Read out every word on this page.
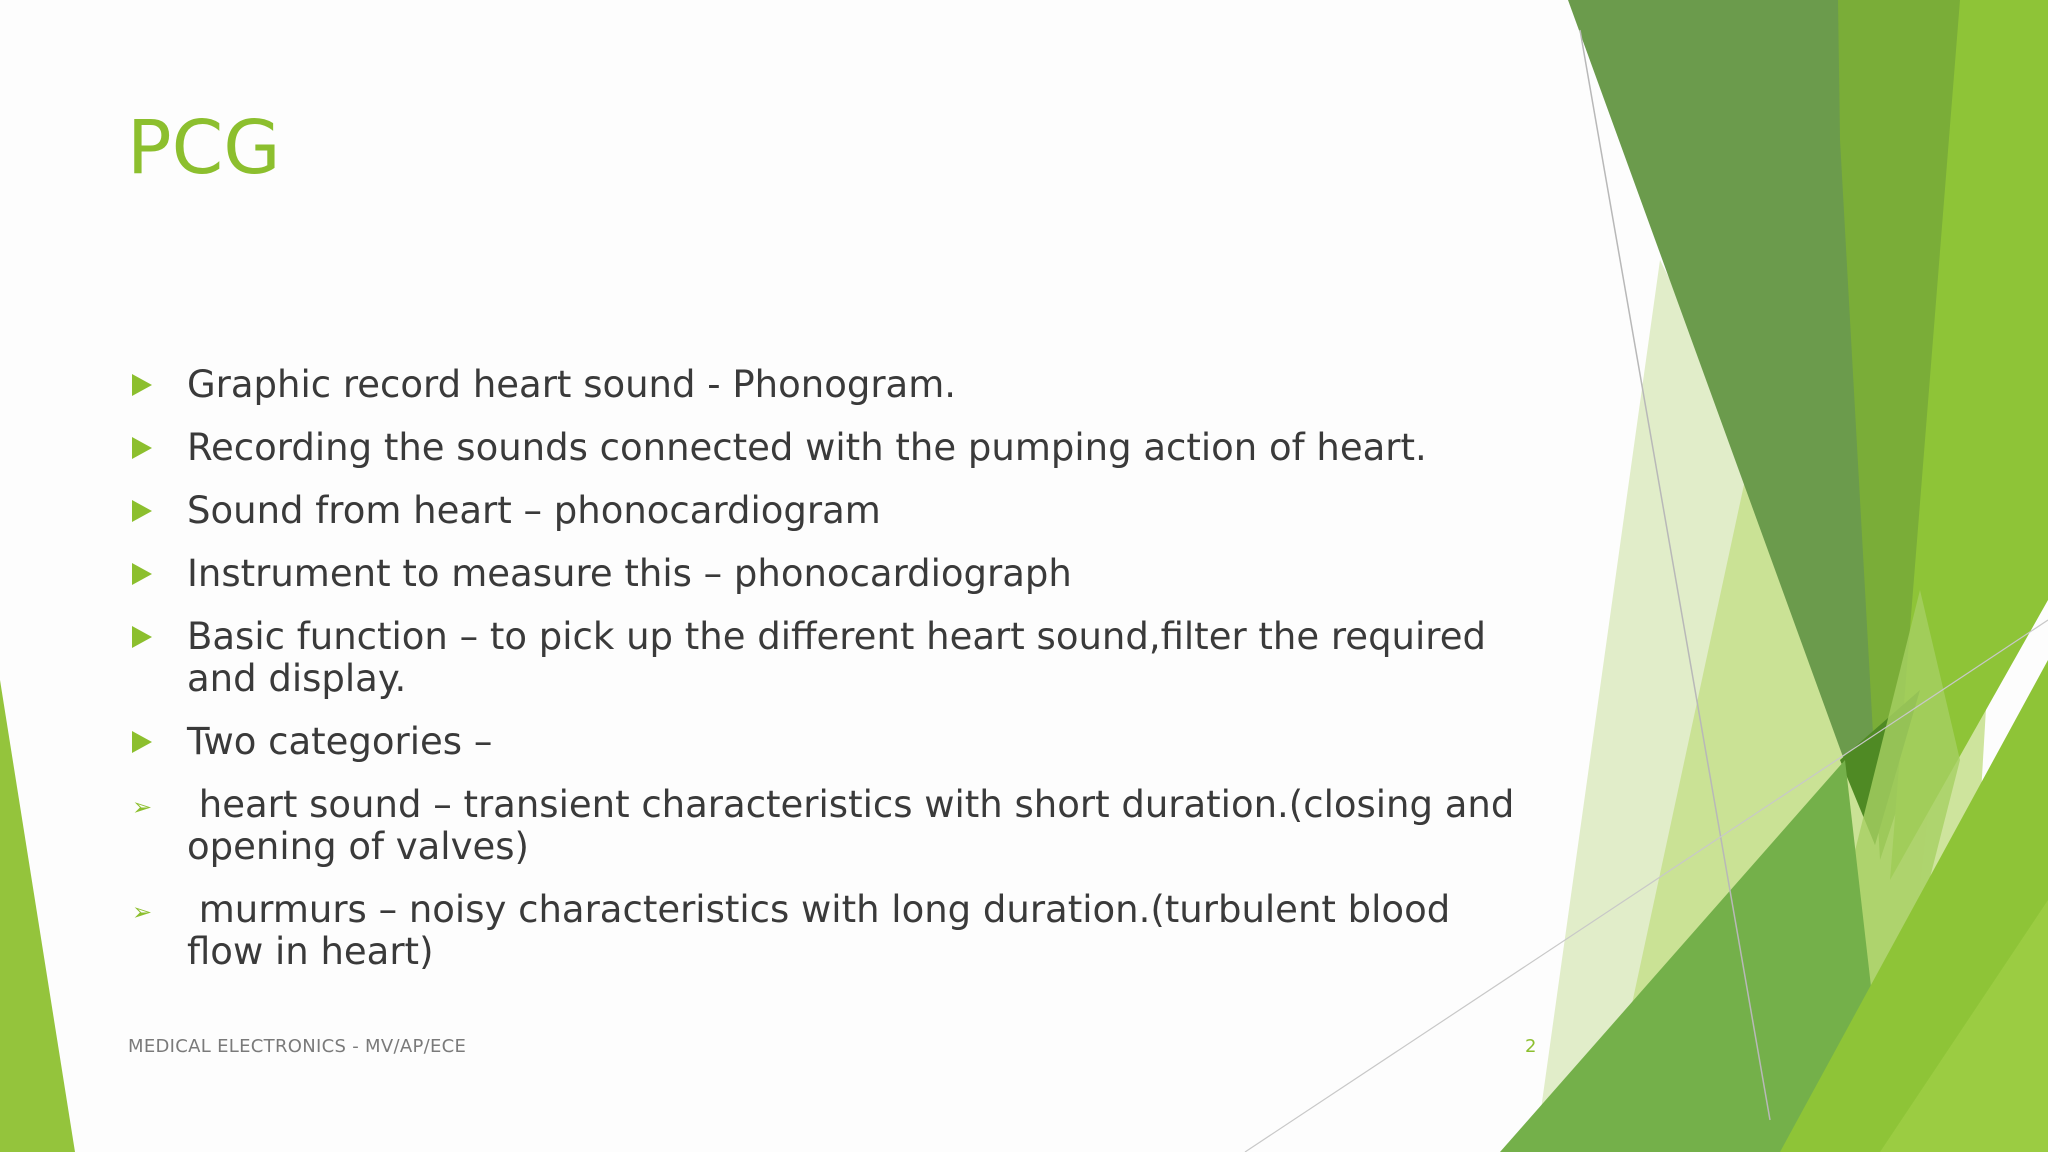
PCG
Graphic record heart sound - Phonogram.
Recording the sounds connected with the pumping action of heart.
Sound from heart – phonocardiogram
Instrument to measure this – phonocardiograph
Basic function – to pick up the different heart sound,filter the required and display.
Two categories –
➢ heart sound – transient characteristics with short duration.(closing and opening of valves)
➢ murmurs – noisy characteristics with long duration.(turbulent blood flow in heart)
MEDICAL ELECTRONICS - MV/AP/ECE	2
